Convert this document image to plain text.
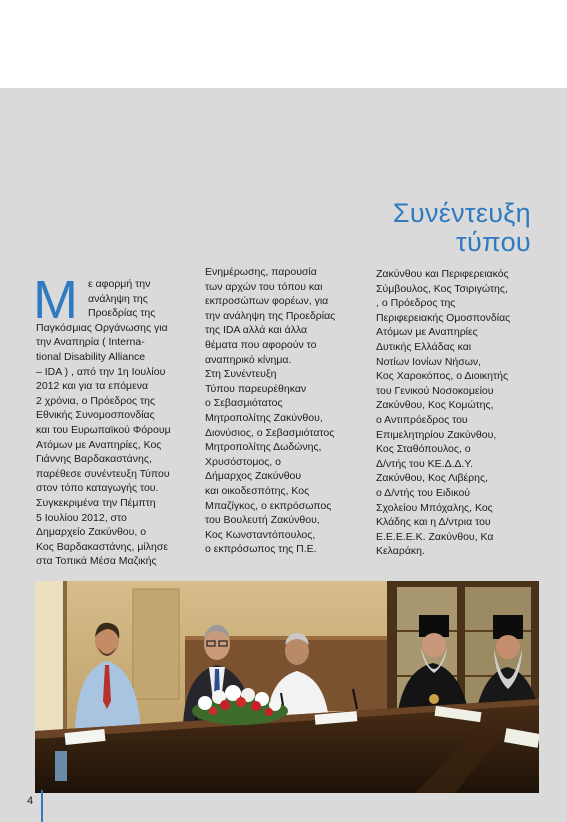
Συνέντευξη
τύπου
Μ ε αφορμή την
ανάληψη της
Προεδρίας της
Παγκόσμιας Οργάνωσης για
την Αναπηρία ( Interna-
tional Disability Alliance
– IDA ) , από την 1η Ιουλίου
2012 και για τα επόμενα
2 χρόνια, ο Πρόεδρος της
Εθνικής Συνομοσπονδίας
και του Ευρωπαϊκού Φόρουμ
Ατόμων με Αναπηρίες, Κος
Γιάννης Βαρδακαστάνης,
παρέθεσε συνέντευξη Τύπου
στον τόπο καταγωγής του.
Συγκεκριμένα την Πέμπτη
5 Ιουλίου 2012, στο
Δημαρχείο Ζακύνθου, ο
Κος Βαρδακαστάνης, μίλησε
στα Τοπικά Μέσα Μαζικής
Ενημέρωσης, παρουσία
των αρχών του τόπου και
εκπροσώπων φορέων, για
την ανάληψη της Προεδρίας
της IDA αλλά και άλλα
θέματα που αφορούν το
αναπηρικό κίνημα.
Στη Συνέντευξη
Τύπου παρευρέθηκαν
ο Σεβασμιότατος
Μητροπολίτης Ζακύνθου,
Διονύσιος, ο Σεβασμιότατος
Μητροπολίτης Δωδώνης,
Χρυσόστομος, ο
Δήμαρχος Ζακύνθου
και οικοδεσπότης, Κος
Μπαζίγκος, ο εκπρόσωπος
του Βουλευτή Ζακύνθου,
Κος Κωνσταντόπουλος,
ο εκπρόσωπος της Π.Ε.
Ζακύνθου και Περιφερειακός
Σύμβουλος, Κος Τσιριγώτης,
, ο Πρόεδρος της
Περιφερειακής Ομοσπονδίας
Ατόμων με Αναπηρίες
Δυτικής Ελλάδας και
Νοτίων Ιονίων Νήσων,
Κος Χαροκόπος, ο Διοικητής
του Γενικού Νοσοκομείου
Ζακύνθου, Κος Κομώτης,
ο Αντιπρόεδρος του
Επιμελητηρίου Ζακύνθου,
Κος Σταθόπουλος, ο
Δ/ντής του ΚΕ.Δ.Δ.Υ.
Ζακύνθου, Κος Λιβέρης,
ο Δ/ντής του Ειδικού
Σχολείου Μπόχαλης, Κος
Κλάδης και η Δ/ντρια του
Ε.Ε.Ε.Ε.Κ. Ζακύνθου, Κα
Κελαράκη.
4
